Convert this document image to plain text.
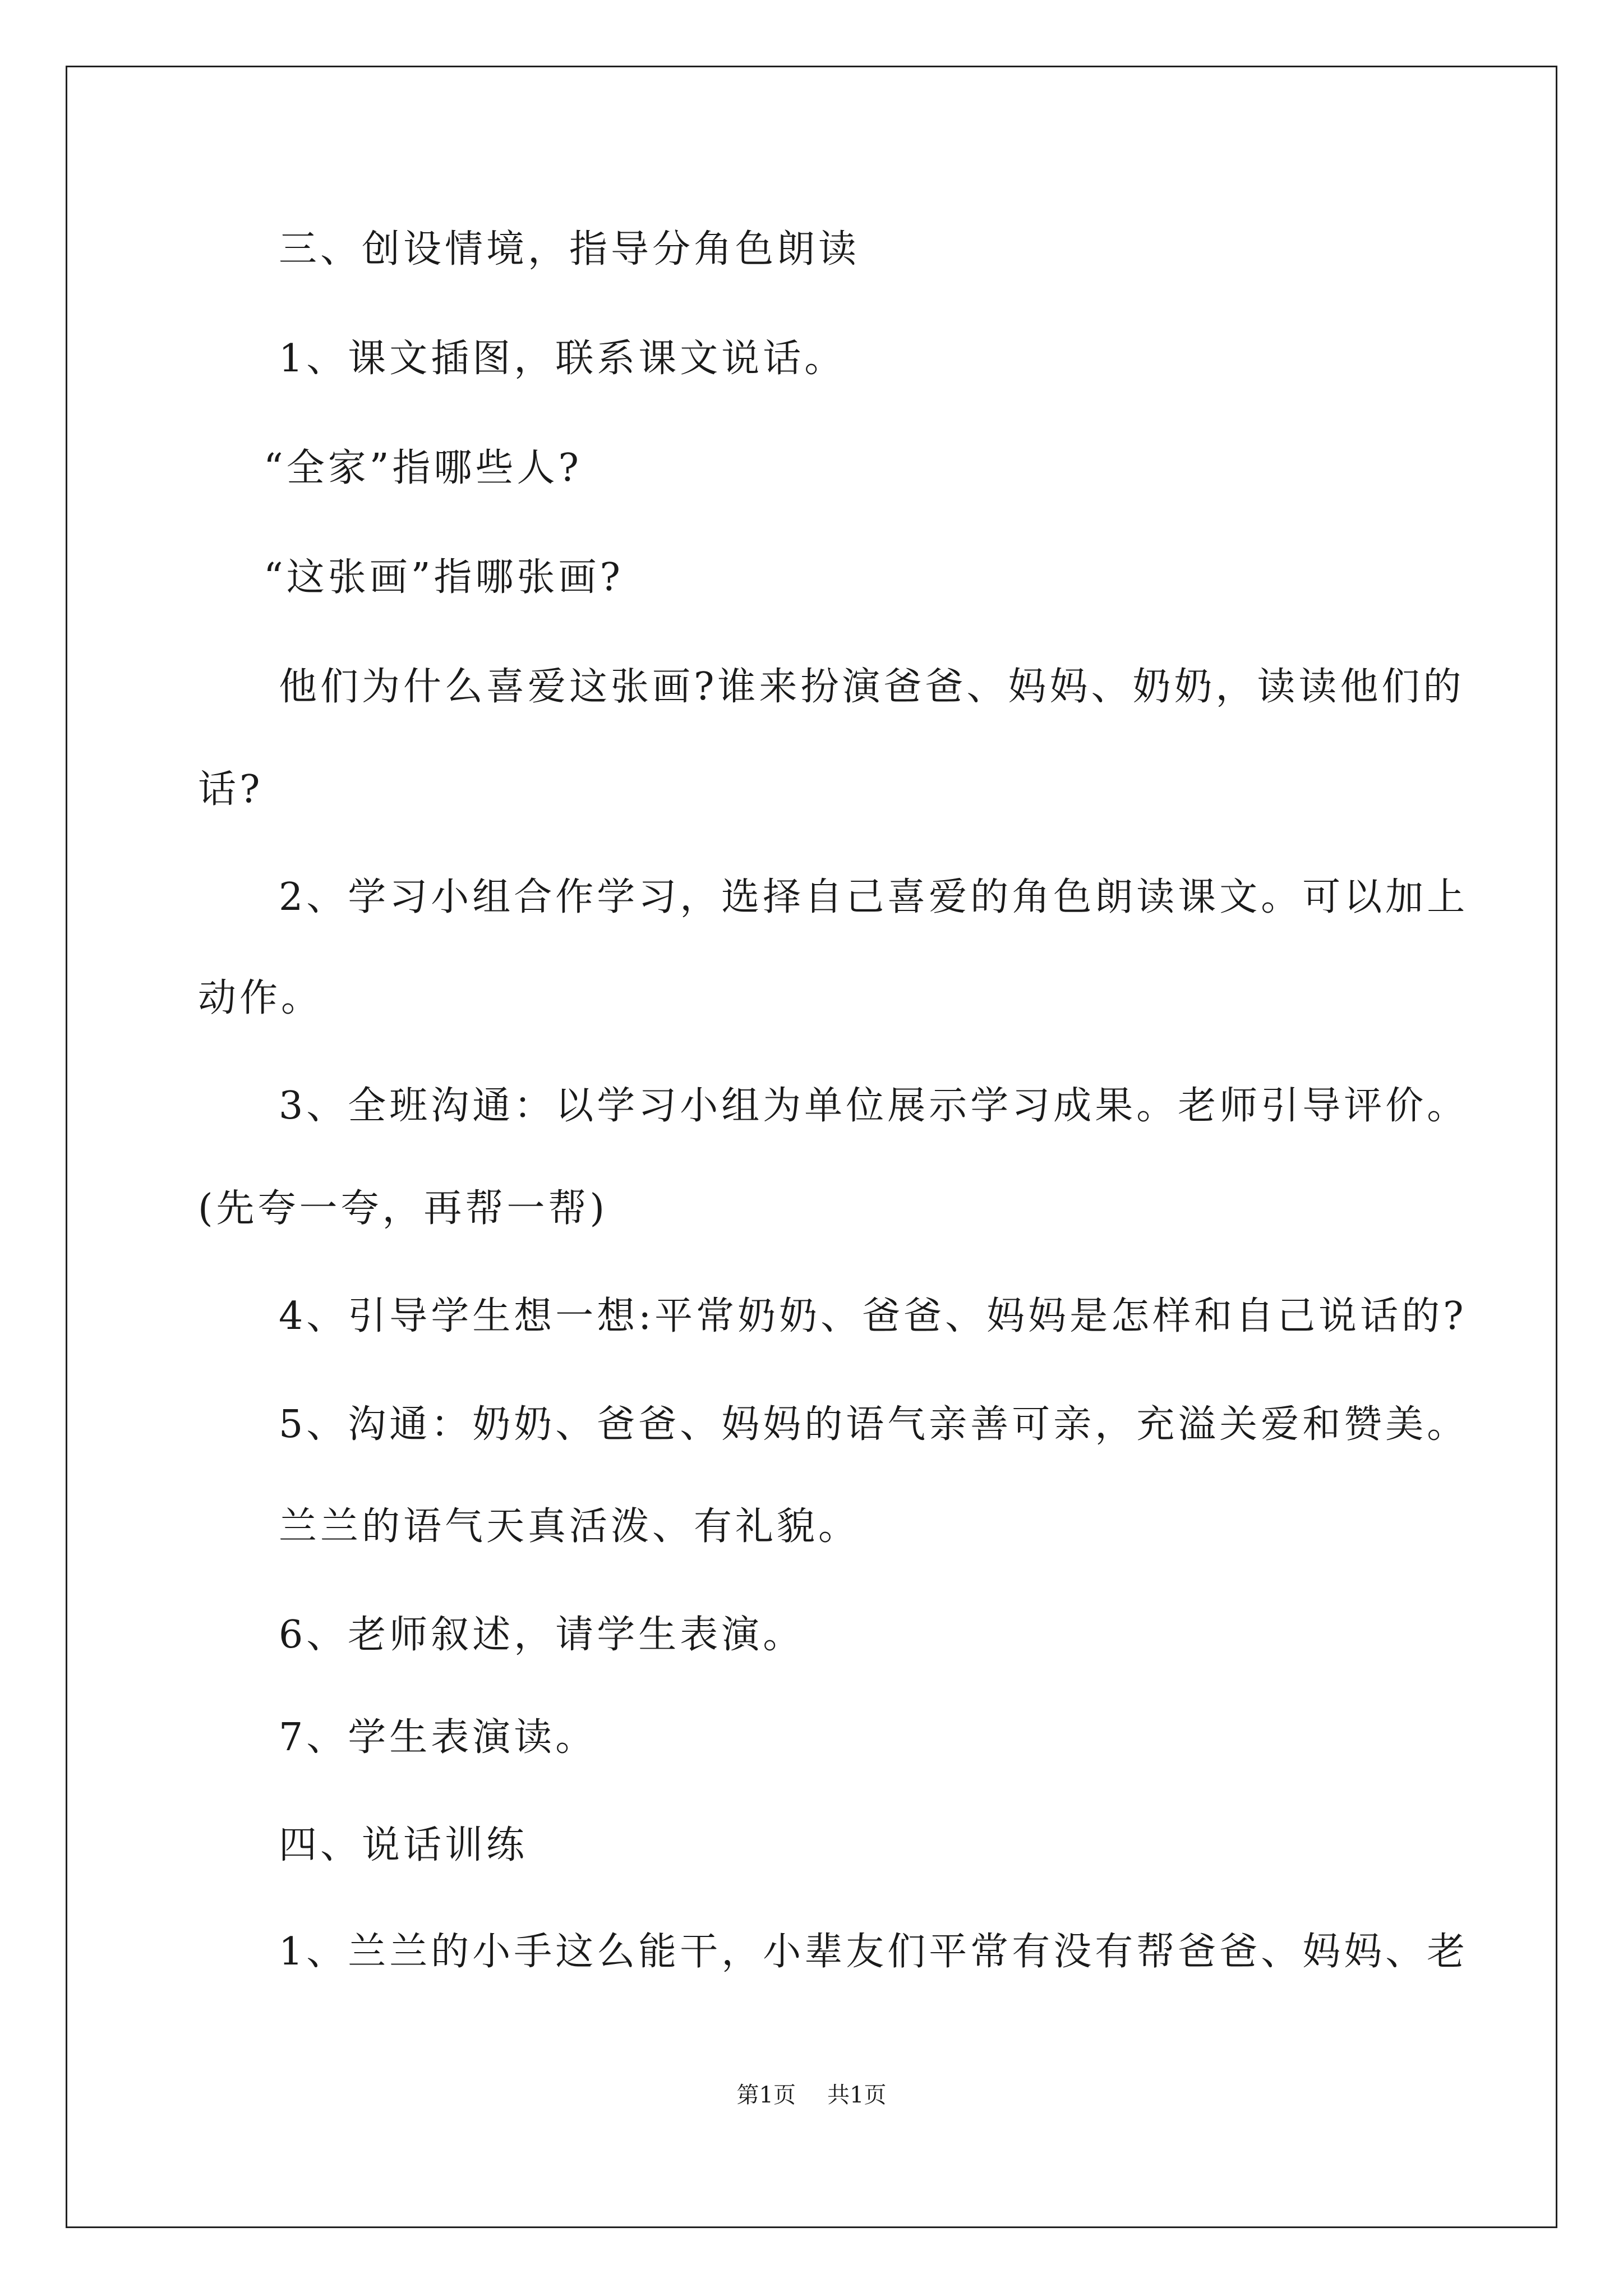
三、创设情境，指导分角色朗读
1、课文插图，联系课文说话。
“全家”指哪些人?
“这张画”指哪张画?
他们为什么喜爱这张画?谁来扮演爸爸、妈妈、奶奶，读读他们的
话?
2、学习小组合作学习，选择自己喜爱的角色朗读课文。可以加上
动作。
3、全班沟通：以学习小组为单位展示学习成果。老师引导评价。
(先夸一夸，再帮一帮)
4、引导学生想一想:平常奶奶、爸爸、妈妈是怎样和自己说话的?
5、沟通：奶奶、爸爸、妈妈的语气亲善可亲，充溢关爱和赞美。
兰兰的语气天真活泼、有礼貌。
6、老师叙述，请学生表演。
7、学生表演读。
四、说话训练
1、兰兰的小手这么能干，小辈友们平常有没有帮爸爸、妈妈、老
第1页 共1页
